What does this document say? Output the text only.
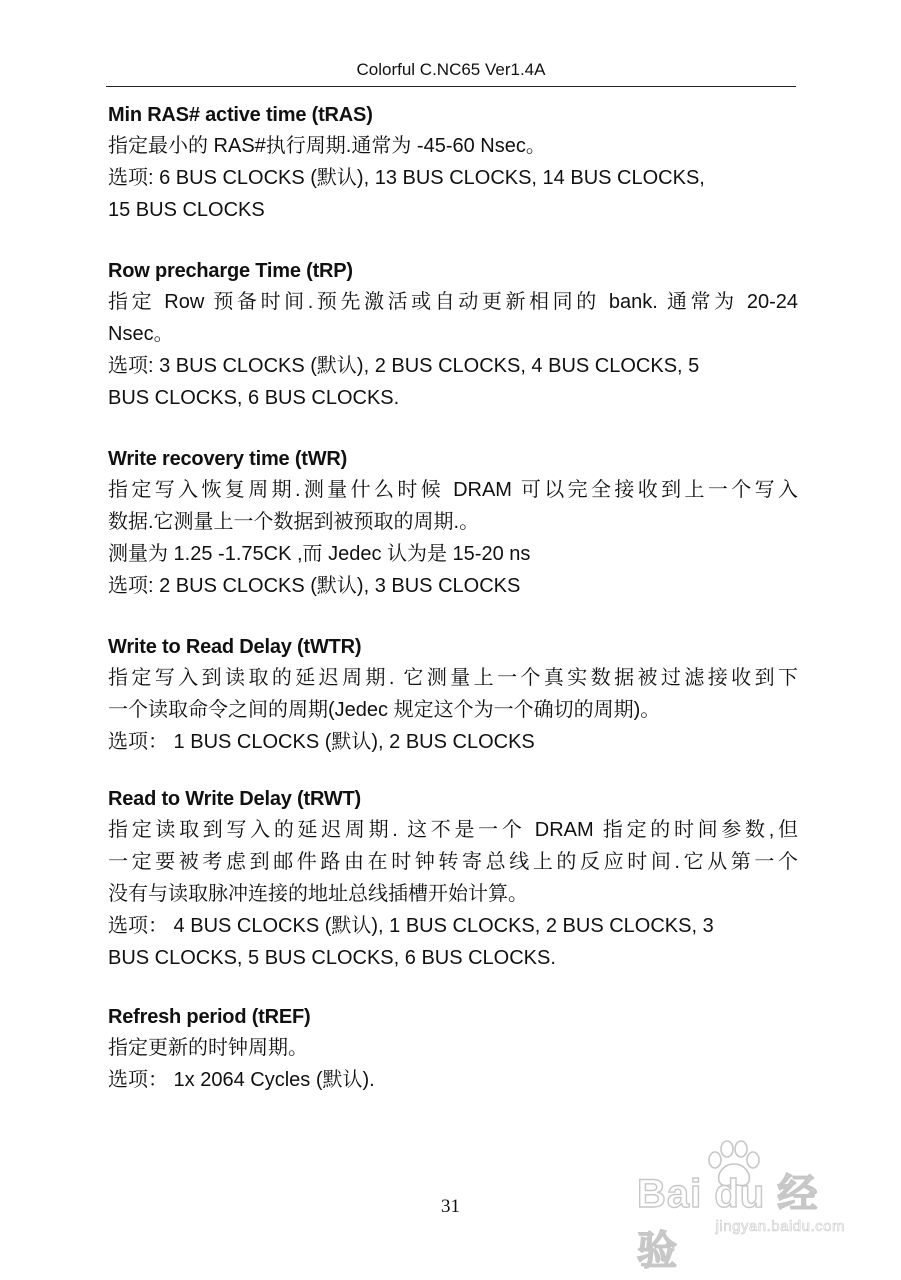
Colorful C.NC65 Ver1.4A
Min RAS# active time (tRAS)
指定最小的 RAS#执行周期.通常为 -45-60 Nsec。
选项: 6 BUS CLOCKS (默认), 13 BUS CLOCKS, 14 BUS CLOCKS,
15 BUS CLOCKS
Row precharge Time (tRP)
指定 Row 预备时间.预先激活或自动更新相同的 bank. 通常为 20-24
Nsec。
选项: 3 BUS CLOCKS (默认), 2 BUS CLOCKS, 4 BUS CLOCKS, 5
BUS CLOCKS, 6 BUS CLOCKS.
Write recovery time (tWR)
指定写入恢复周期.测量什么时候 DRAM 可以完全接收到上一个写入
数据.它测量上一个数据到被预取的周期.。
测量为 1.25 -1.75CK ,而 Jedec 认为是 15-20 ns
选项: 2 BUS CLOCKS (默认), 3 BUS CLOCKS
Write to Read Delay (tWTR)
指定写入到读取的延迟周期. 它测量上一个真实数据被过滤接收到下
一个读取命令之间的周期(Jedec 规定这个为一个确切的周期)。
选项： 1 BUS CLOCKS (默认), 2 BUS CLOCKS
Read to Write Delay (tRWT)
指定读取到写入的延迟周期. 这不是一个 DRAM 指定的时间参数,但
一定要被考虑到邮件路由在时钟转寄总线上的反应时间.它从第一个
没有与读取脉冲连接的地址总线插槽开始计算。
选项： 4 BUS CLOCKS (默认), 1 BUS CLOCKS, 2 BUS CLOCKS, 3
BUS CLOCKS, 5 BUS CLOCKS, 6 BUS CLOCKS.
Refresh period (tREF)
指定更新的时钟周期。
选项： 1x 2064 Cycles (默认).
Bai du 经验
jingyan.baidu.com
31
